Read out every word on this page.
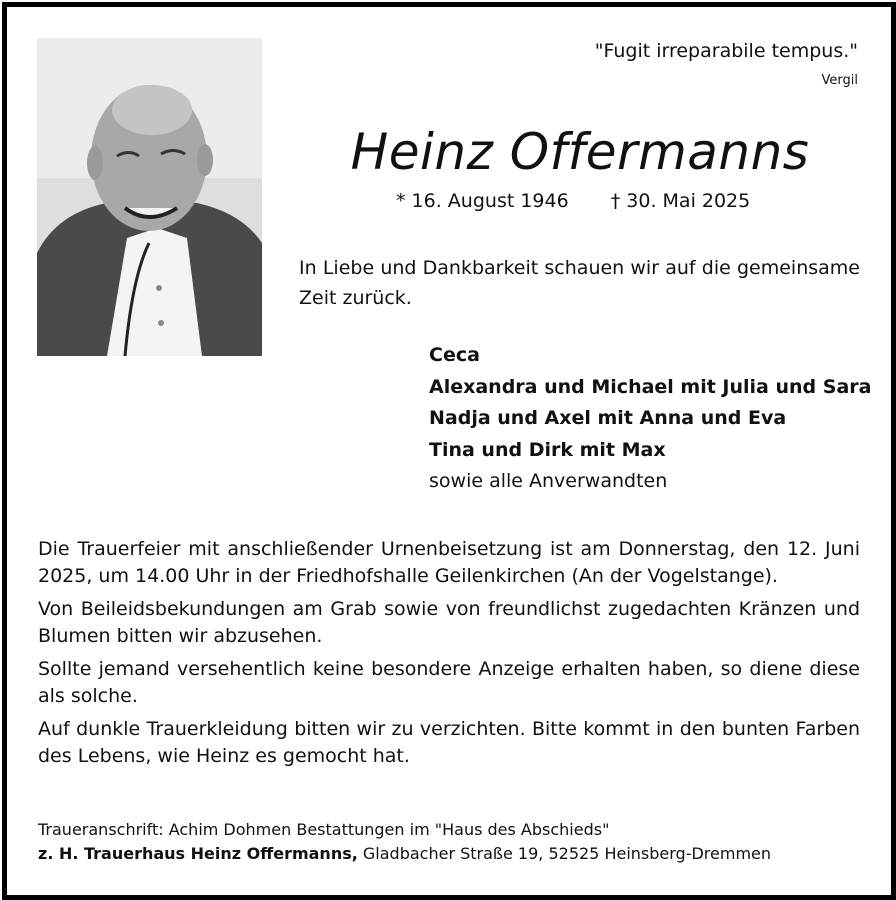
"Fugit irreparabile tempus."
Vergil
Heinz Offermanns
* 16. August 1946 † 30. Mai 2025
In Liebe und Dankbarkeit schauen wir auf die gemeinsame Zeit zurück.
Ceca
Alexandra und Michael mit Julia und Sara
Nadja und Axel mit Anna und Eva
Tina und Dirk mit Max
sowie alle Anverwandten

Die Trauerfeier mit anschließender Urnenbeisetzung ist am Donnerstag, den 12. Juni 2025, um 14.00 Uhr in der Friedhofshalle Geilenkirchen (An der Vogelstange).

Von Beileidsbekundungen am Grab sowie von freundlichst zugedachten Kränzen und Blumen bitten wir abzusehen.

Sollte jemand versehentlich keine besondere Anzeige erhalten haben, so diene diese als solche.

Auf dunkle Trauerkleidung bitten wir zu verzichten. Bitte kommt in den bunten Farben des Lebens, wie Heinz es gemocht hat.

Traueranschrift: Achim Dohmen Bestattungen im "Haus des Abschieds"
z. H. Trauerhaus Heinz Offermanns, Gladbacher Straße 19, 52525 Heinsberg-Dremmen
